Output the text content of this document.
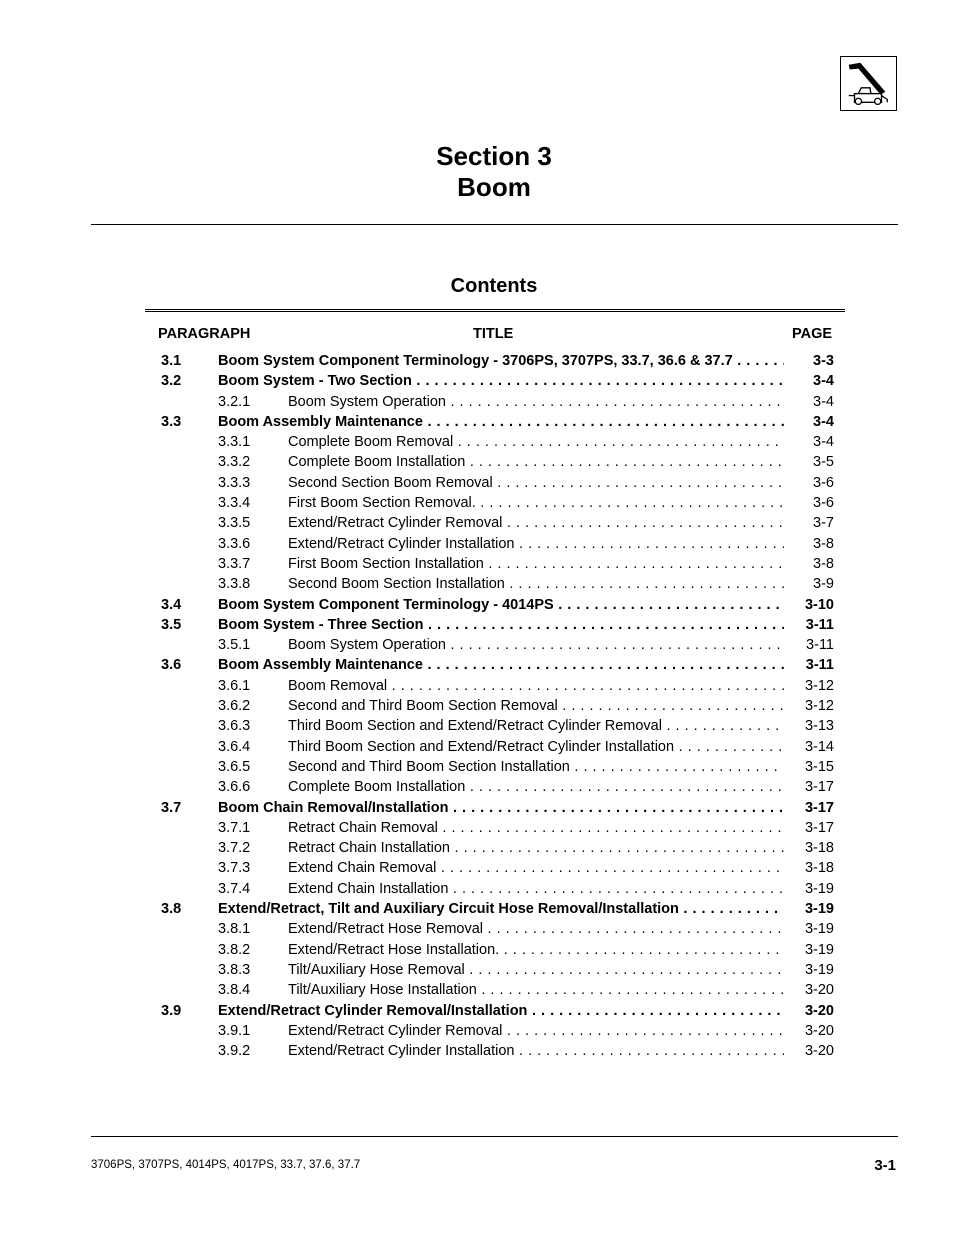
Section 3
Boom
Contents
PARAGRAPH	TITLE	PAGE
3.1	Boom System Component Terminology - 3706PS, 3707PS, 33.7, 36.6 & 37.7 . . .	3-3
3.2	Boom System - Two Section . . .	3-4
3.2.1	Boom System Operation . . .	3-4
3.3	Boom Assembly Maintenance . . .	3-4
3.3.1	Complete Boom Removal . . .	3-4
3.3.2	Complete Boom Installation . . .	3-5
3.3.3	Second Section Boom Removal . . .	3-6
3.3.4	First Boom Section Removal. . . .	3-6
3.3.5	Extend/Retract Cylinder Removal . . .	3-7
3.3.6	Extend/Retract Cylinder Installation . . .	3-8
3.3.7	First Boom Section Installation . . .	3-8
3.3.8	Second Boom Section Installation . . .	3-9
3.4	Boom System Component Terminology - 4014PS . . .	3-10
3.5	Boom System - Three Section . . .	3-11
3.5.1	Boom System Operation . . .	3-11
3.6	Boom Assembly Maintenance . . .	3-11
3.6.1	Boom Removal . . .	3-12
3.6.2	Second and Third Boom Section Removal . . .	3-12
3.6.3	Third Boom Section and Extend/Retract Cylinder Removal . . .	3-13
3.6.4	Third Boom Section and Extend/Retract Cylinder Installation . . .	3-14
3.6.5	Second and Third Boom Section Installation . . .	3-15
3.6.6	Complete Boom Installation . . .	3-17
3.7	Boom Chain Removal/Installation . . .	3-17
3.7.1	Retract Chain Removal . . .	3-17
3.7.2	Retract Chain Installation . . .	3-18
3.7.3	Extend Chain Removal . . .	3-18
3.7.4	Extend Chain Installation . . .	3-19
3.8	Extend/Retract, Tilt and Auxiliary Circuit Hose Removal/Installation . . .	3-19
3.8.1	Extend/Retract Hose Removal . . .	3-19
3.8.2	Extend/Retract Hose Installation. . . .	3-19
3.8.3	Tilt/Auxiliary Hose Removal . . .	3-19
3.8.4	Tilt/Auxiliary Hose Installation . . .	3-20
3.9	Extend/Retract Cylinder Removal/Installation . . .	3-20
3.9.1	Extend/Retract Cylinder Removal . . .	3-20
3.9.2	Extend/Retract Cylinder Installation . . .	3-20
3706PS, 3707PS, 4014PS, 4017PS, 33.7, 37.6, 37.7	3-1
